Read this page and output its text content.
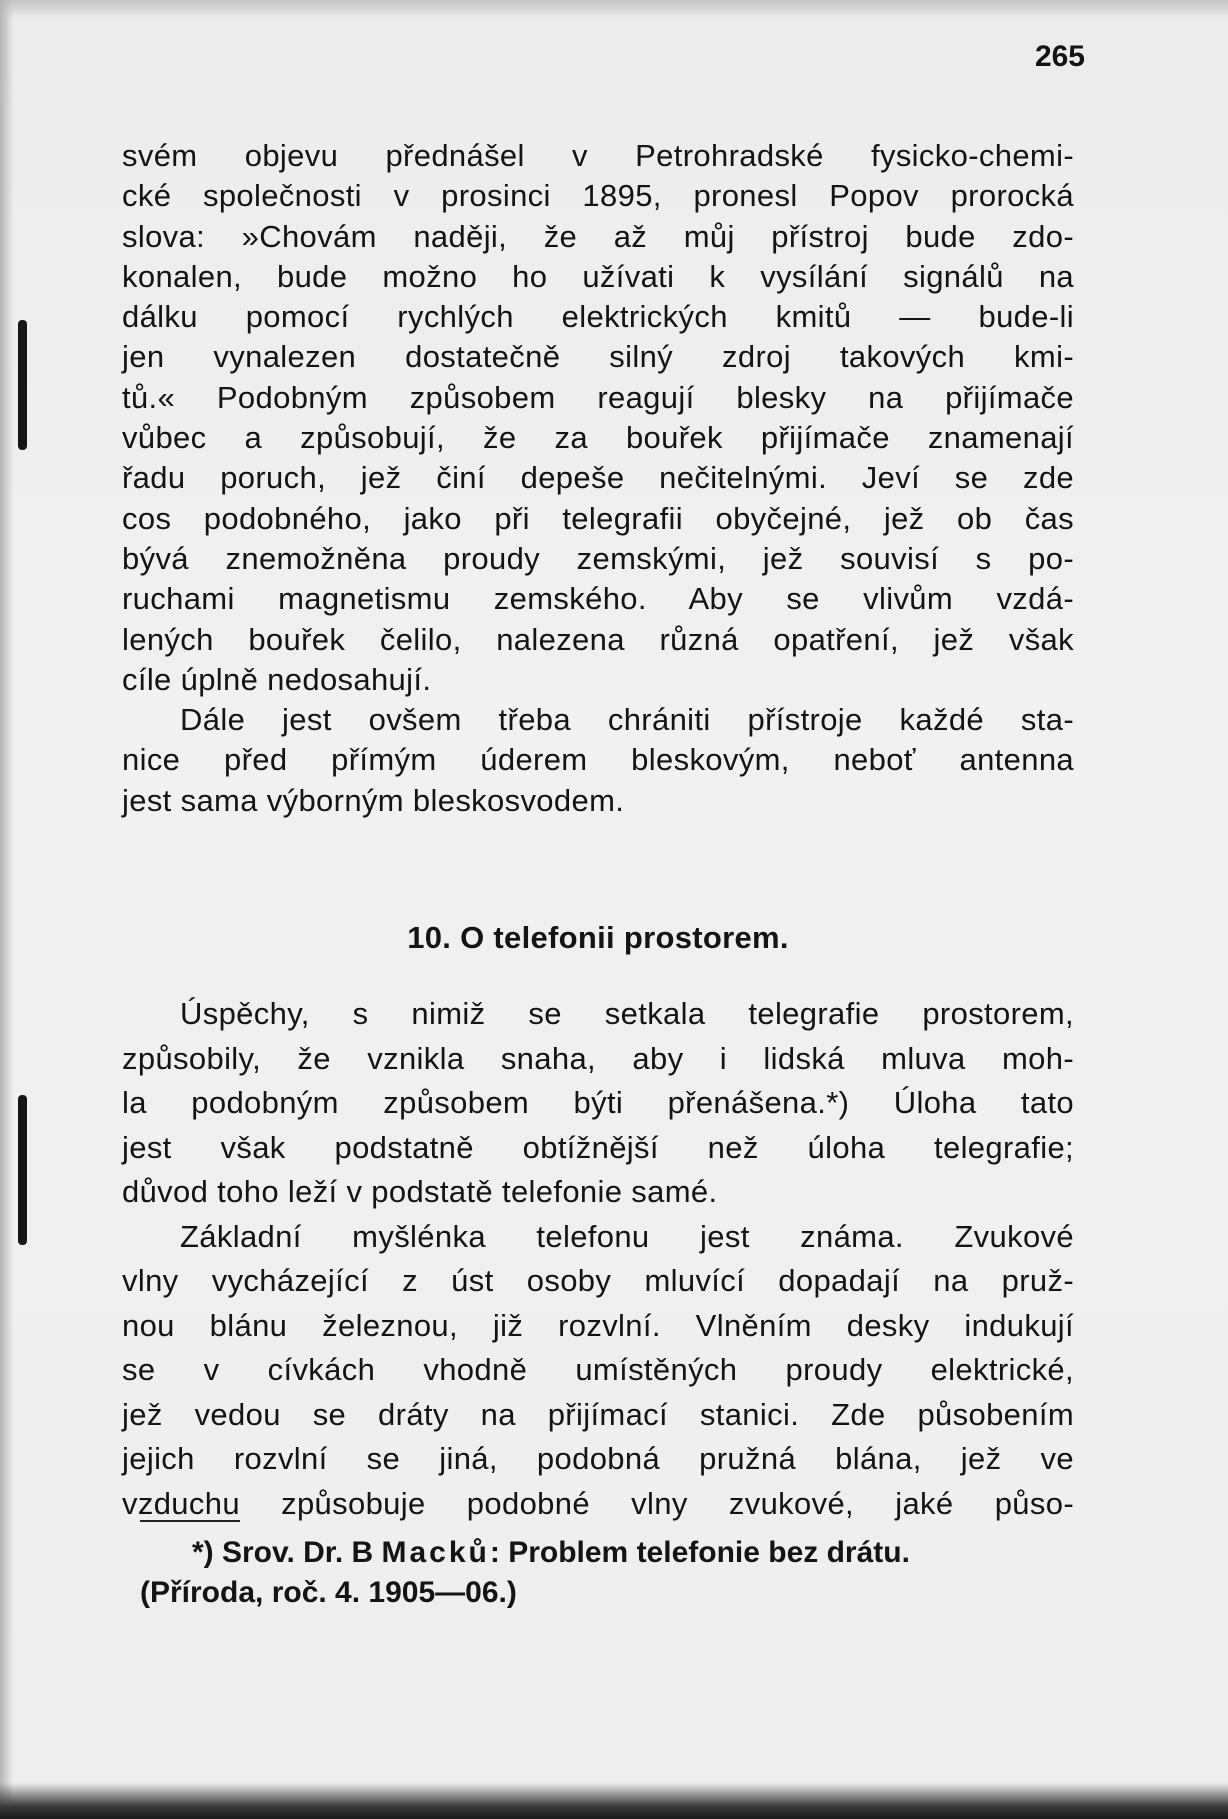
265
svém objevu přednášel v Petrohradské fysicko-chemi-
cké společnosti v prosinci 1895, pronesl Popov prorocká
slova: »Chovám naději, že až můj přístroj bude zdo-
konalen, bude možno ho užívati k vysílání signálů na
dálku pomocí rychlých elektrických kmitů — bude-li
jen vynalezen dostatečně silný zdroj takových kmi-
tů.« Podobným způsobem reagují blesky na přijímače
vůbec a způsobují, že za bouřek přijímače znamenají
řadu poruch, jež činí depeše nečitelnými. Jeví se zde
cos podobného, jako při telegrafii obyčejné, jež ob čas
bývá znemožněna proudy zemskými, jež souvisí s po-
ruchami magnetismu zemského. Aby se vlivům vzdá-
lených bouřek čelilo, nalezena různá opatření, jež však
cíle úplně nedosahují.
Dále jest ovšem třeba chrániti přístroje každé sta-
nice před přímým úderem bleskovým, neboť antenna
jest sama výborným bleskosvodem.
10. O telefonii prostorem.
Úspěchy, s nimiž se setkala telegrafie prostorem,
způsobily, že vznikla snaha, aby i lidská mluva moh-
la podobným způsobem býti přenášena.*) Úloha tato
jest však podstatně obtížnější než úloha telegrafie;
důvod toho leží v podstatě telefonie samé.
Základní myšlénka telefonu jest známa. Zvukové
vlny vycházející z úst osoby mluvící dopadají na pruž-
nou blánu železnou, již rozvlní. Vlněním desky indukují
se v cívkách vhodně umístěných proudy elektrické,
jež vedou se dráty na přijímací stanici. Zde působením
jejich rozvlní se jiná, podobná pružná blána, jež ve
vzduchu způsobuje podobné vlny zvukové, jaké půso-
*) Srov. Dr. B Macků: Problem telefonie bez drátu.
(Příroda, roč. 4. 1905—06.)
